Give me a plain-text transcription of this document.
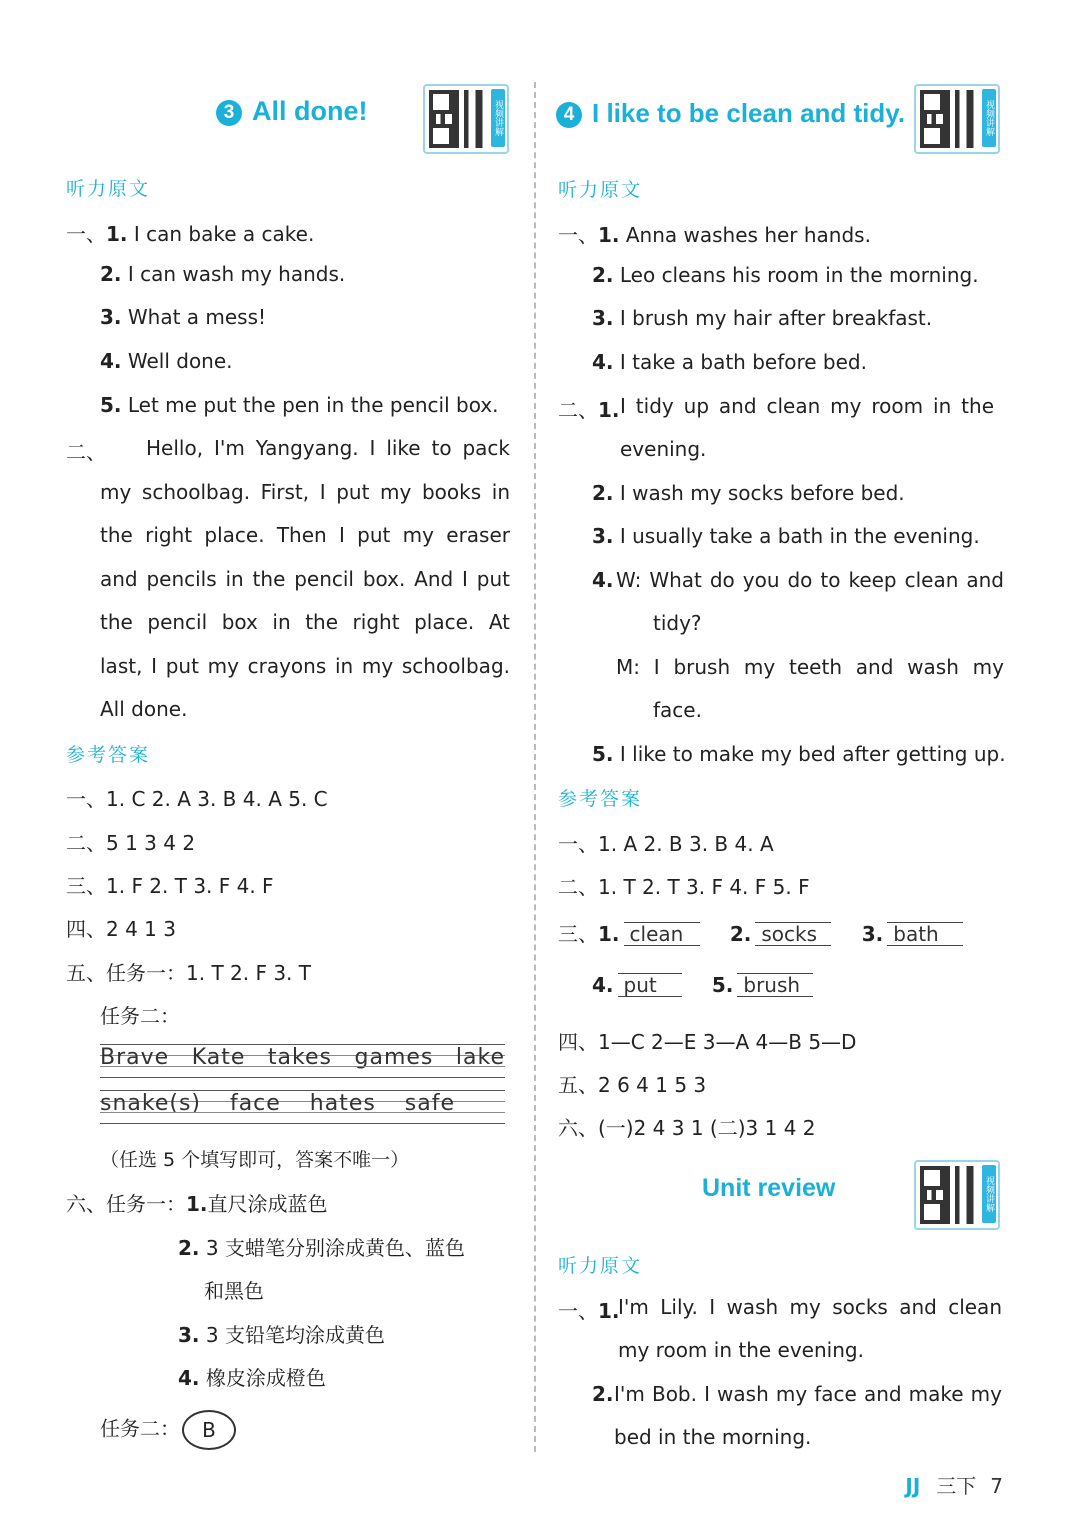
3 All done!	视频讲解
听力原文
一、1. I can bake a cake.
2. I can wash my hands.
3. What a mess!
4. Well done.
5. Let me put the pen in the pencil box.
二、 Hello, I'm Yangyang. I like to pack
my schoolbag. First, I put my books in
the right place. Then I put my eraser
and pencils in the pencil box. And I put
the pencil box in the right place. At
last, I put my crayons in my schoolbag.
All done.
参考答案
一、1. C 2. A 3. B 4. A 5. C
二、5 1 3 4 2
三、1. F 2. T 3. F 4. F
四、2 4 1 3
五、任务一：1. T 2. F 3. T
任务二：
Brave Kate takes games lake
snake(s) face hates safe
（任选 5 个填写即可，答案不唯一）
六、任务一：1.直尺涂成蓝色
2. 3 支蜡笔分别涂成黄色、蓝色
和黑色
3. 3 支铅笔均涂成黄色
4. 橡皮涂成橙色
任务二： B
4 I like to be clean and tidy.	视频讲解
听力原文
一、1. Anna washes her hands.
2. Leo cleans his room in the morning.
3. I brush my hair after breakfast.
4. I take a bath before bed.
二、1. I tidy up and clean my room in the
evening.
2. I wash my socks before bed.
3. I usually take a bath in the evening.
4. W: What do you do to keep clean and
tidy?
M: I brush my teeth and wash my
face.
5. I like to make my bed after getting up.
参考答案
一、1. A 2. B 3. B 4. A
二、1. T 2. T 3. F 4. F 5. F
三、1. clean 2. socks 3. bath
4. put	5. brush
四、1—C 2—E 3—A 4—B 5—D
五、2 6 4 1 5 3
六、(一)2 4 3 1 (二)3 1 4 2
Unit review	视频讲解
听力原文
一、1.
I'm Lily. I wash my socks and clean
my room in the evening.
2. I'm Bob. I wash my face and make my
bed in the morning.
JJ 三下 7
